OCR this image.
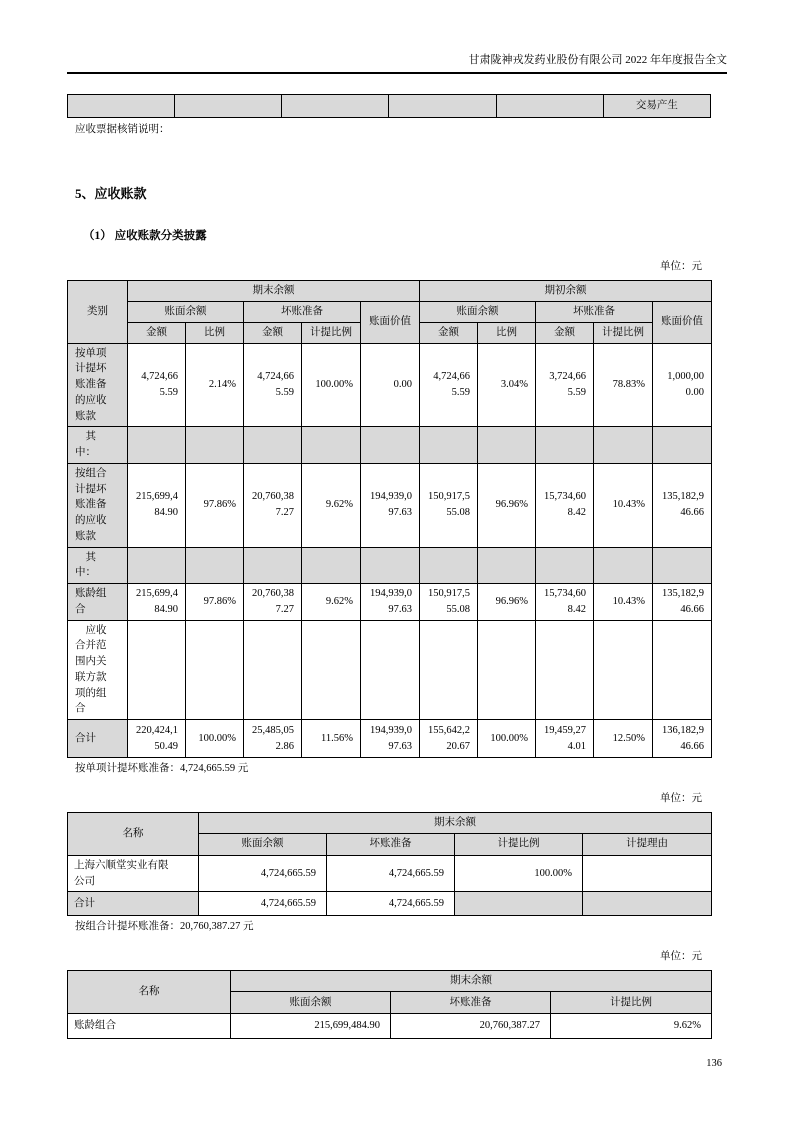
甘肃陇神戎发药业股份有限公司 2022 年年度报告全文
					交易产生

应收票据核销说明：

5、应收账款
（1） 应收账款分类披露
单位：元
类别	期末余额					期初余额				
	账面余额		坏账准备		账面价值	账面余额		坏账准备		账面价值
	金额	比例	金额	计提比例		金额	比例	金额	计提比例	
按单项计提坏账准备的应收账款	4,724,665.59	2.14%	4,724,665.59	100.00%	0.00	4,724,665.59	3.04%	3,724,665.59	78.83%	1,000,000.00
　其中：										
按组合计提坏账准备的应收账款	215,699,484.90	97.86%	20,760,387.27	9.62%	194,939,097.63	150,917,555.08	96.96%	15,734,608.42	10.43%	135,182,946.66
　其中：										
账龄组合	215,699,484.90	97.86%	20,760,387.27	9.62%	194,939,097.63	150,917,555.08	96.96%	15,734,608.42	10.43%	135,182,946.66
　应收合并范围内关联方款项的组合										
合计	220,424,150.49	100.00%	25,485,052.86	11.56%	194,939,097.63	155,642,220.67	100.00%	19,459,274.01	12.50%	136,182,946.66

按单项计提坏账准备：4,724,665.59 元

单位：元
名称	期末余额			
	账面余额	坏账准备	计提比例	计提理由
上海六顺堂实业有限公司	4,724,665.59	4,724,665.59	100.00%	
合计	4,724,665.59	4,724,665.59		

按组合计提坏账准备：20,760,387.27 元

单位：元
名称	期末余额		
	账面余额	坏账准备	计提比例
账龄组合	215,699,484.90	20,760,387.27	9.62%
136
